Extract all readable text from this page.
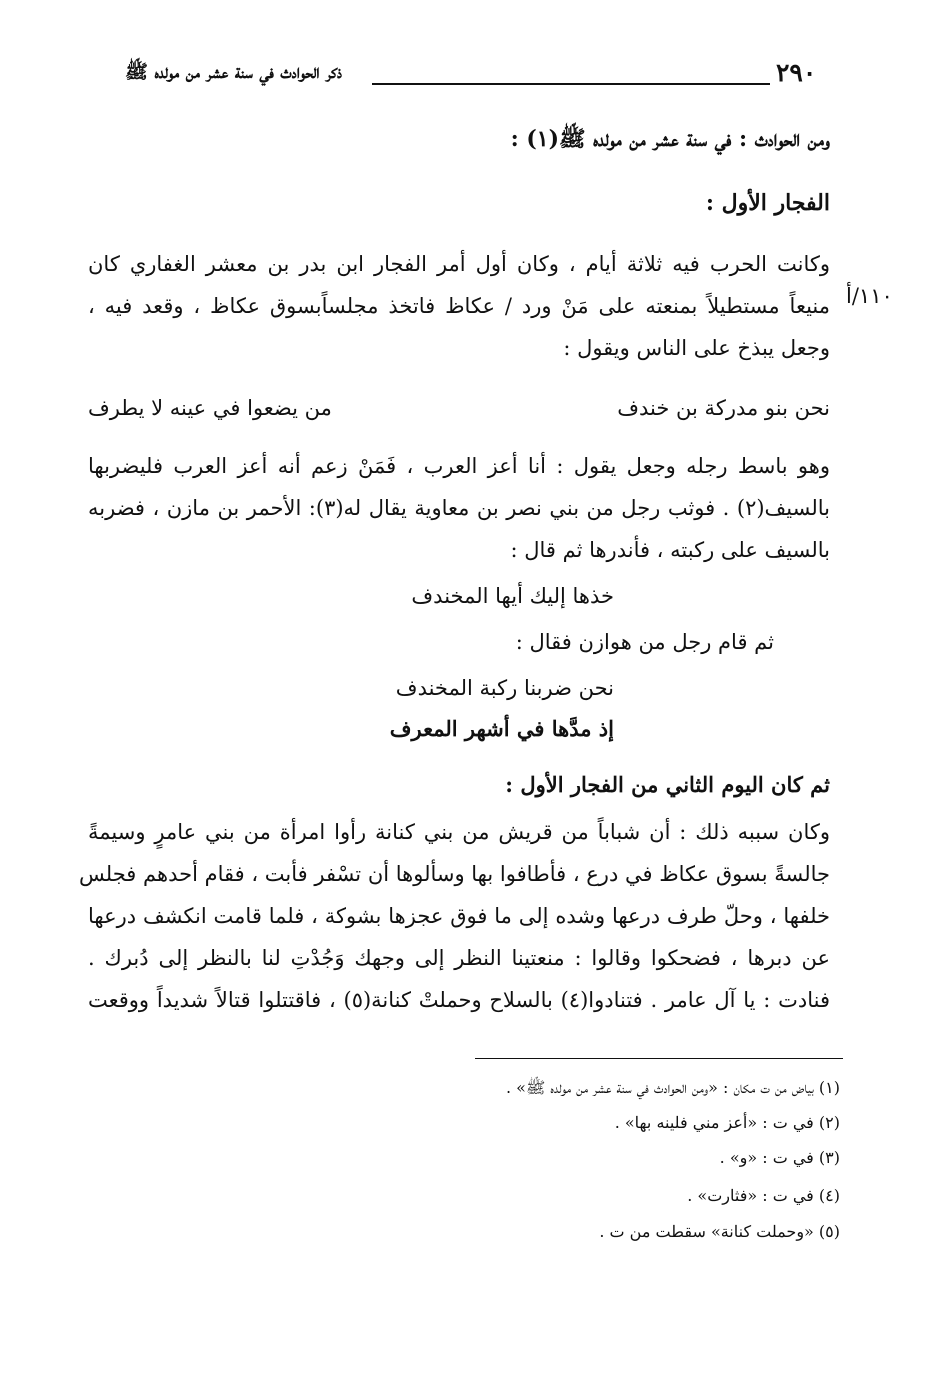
٢٩٠
ذكر الحوادث في سنة عشر من مولده ﷺ
ومن الحوادث : في سنة عشر من مولده ﷺ(١) :
الفجار الأول :
وكانت الحرب فيه ثلاثة أيام ، وكان أول أمر الفجار ابن بدر بن معشر الغفاري كان
١١٠/أ
منيعاً مستطيلاً بمنعته على مَنْ ورد / عكاظ فاتخذ مجلساًبسوق عكاظ ، وقعد فيه ،
وجعل يبذخ على الناس ويقول :
نحن بنو مدركة بن خندف
من يضعوا في عينه لا يطرف
وهو باسط رجله وجعل يقول : أنا أعز العرب ، فَمَنْ زعم أنه أعز العرب فليضربها
بالسيف(٢) . فوثب رجل من بني نصر بن معاوية يقال له(٣): الأحمر بن مازن ، فضربه
بالسيف على ركبته ، فأندرها ثم قال :
خذها إليك أيها المخندف
ثم قام رجل من هوازن فقال :
نحن ضربنا ركبة المخندف
إذ مدَّها في أشهر المعرف
ثم كان اليوم الثاني من الفجار الأول :
وكان سببه ذلك : أن شباباً من قريش من بني كنانة رأوا امرأة من بني عامرٍ وسيمةً
جالسةً بسوق عكاظ في درع ، فأطافوا بها وسألوها أن تسْفر فأبت ، فقام أحدهم فجلس
خلفها ، وحلّ طرف درعها وشده إلى ما فوق عجزها بشوكة ، فلما قامت انكشف درعها
عن دبرها ، فضحكوا وقالوا : منعتينا النظر إلى وجهك وَجُدْتِ لنا بالنظر إلى دُبرك .
فنادت : يا آل عامر . فتنادوا(٤) بالسلاح وحملتْ كنانة(٥) ، فاقتتلوا قتالاً شديداً ووقعت
(١) بياض من ت مكان : «ومن الحوادث في سنة عشر من مولده ﷺ» .
(٢) في ت : «أعز مني فلينه بها» .
(٣) في ت : «و» .
(٤) في ت : «فثارت» .
(٥) «وحملت كنانة» سقطت من ت .
